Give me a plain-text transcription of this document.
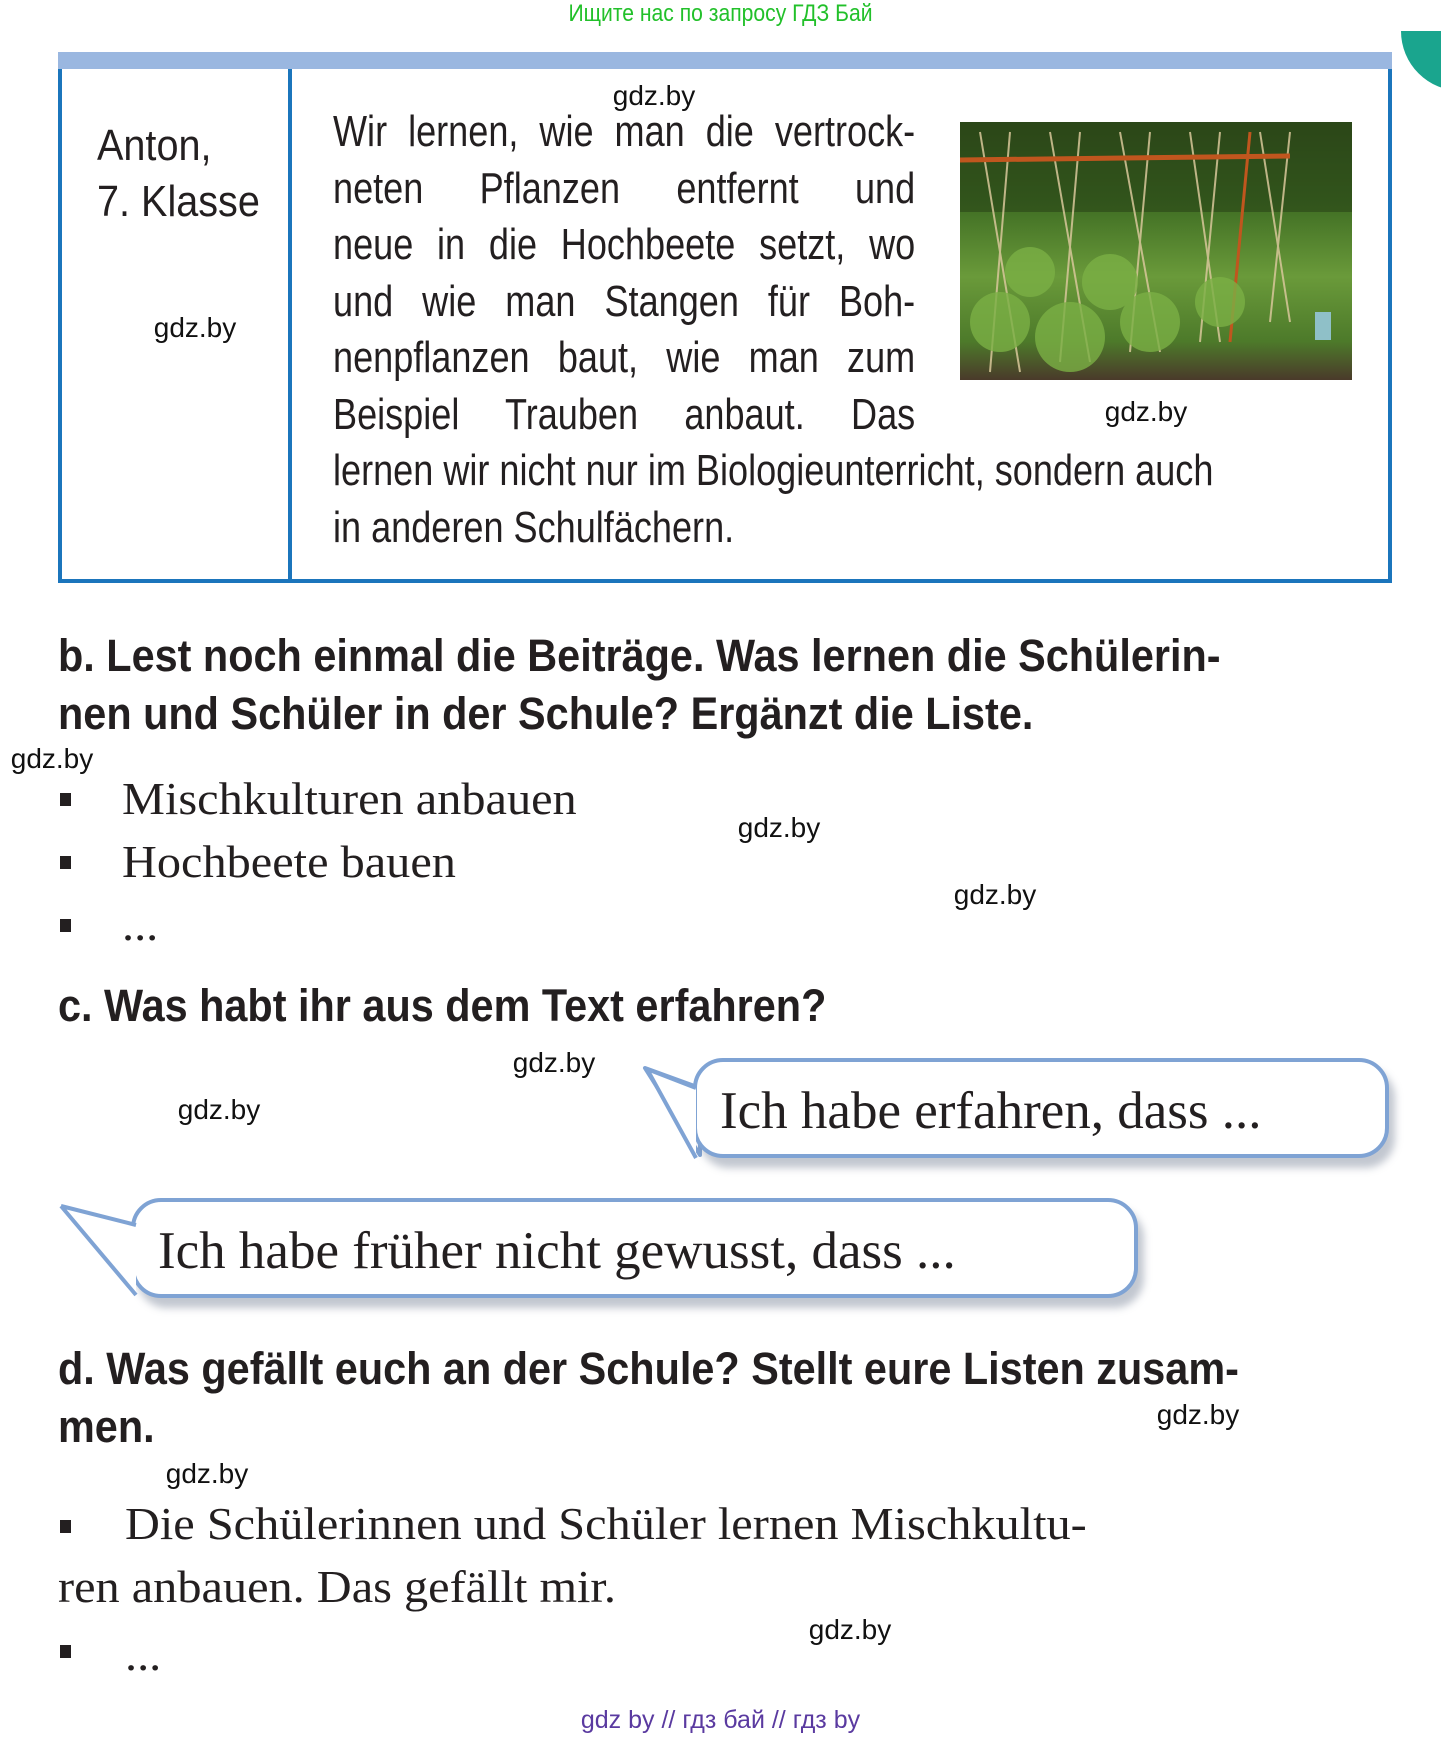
Ищите нас по запросу ГДЗ Бай
Anton,
7. Klasse
Wir lernen, wie man die vertrock-
neten Pflanzen entfernt und
neue in die Hochbeete setzt, wo
und wie man Stangen für Boh-
nenpflanzen baut, wie man zum
Beispiel Trauben anbaut. Das
lernen wir nicht nur im Biologieunterricht, sondern auch
in anderen Schulfächern.
b. Lest noch einmal die Beiträge. Was lernen die Schülerin-
nen und Schüler in der Schule? Ergänzt die Liste.
Mischkulturen anbauen
Hochbeete bauen
...
c. Was habt ihr aus dem Text erfahren?
Ich habe erfahren, dass ...
Ich habe früher nicht gewusst, dass ...
d. Was gefällt euch an der Schule? Stellt eure Listen zusam-
men.
Die Schülerinnen und Schüler lernen Mischkultu-
ren anbauen. Das gefällt mir.
...
gdz.by
gdz.by
gdz.by
gdz.by
gdz.by
gdz.by
gdz.by
gdz.by
gdz.by
gdz.by
gdz.by
gdz by // гдз бай // гдз by
